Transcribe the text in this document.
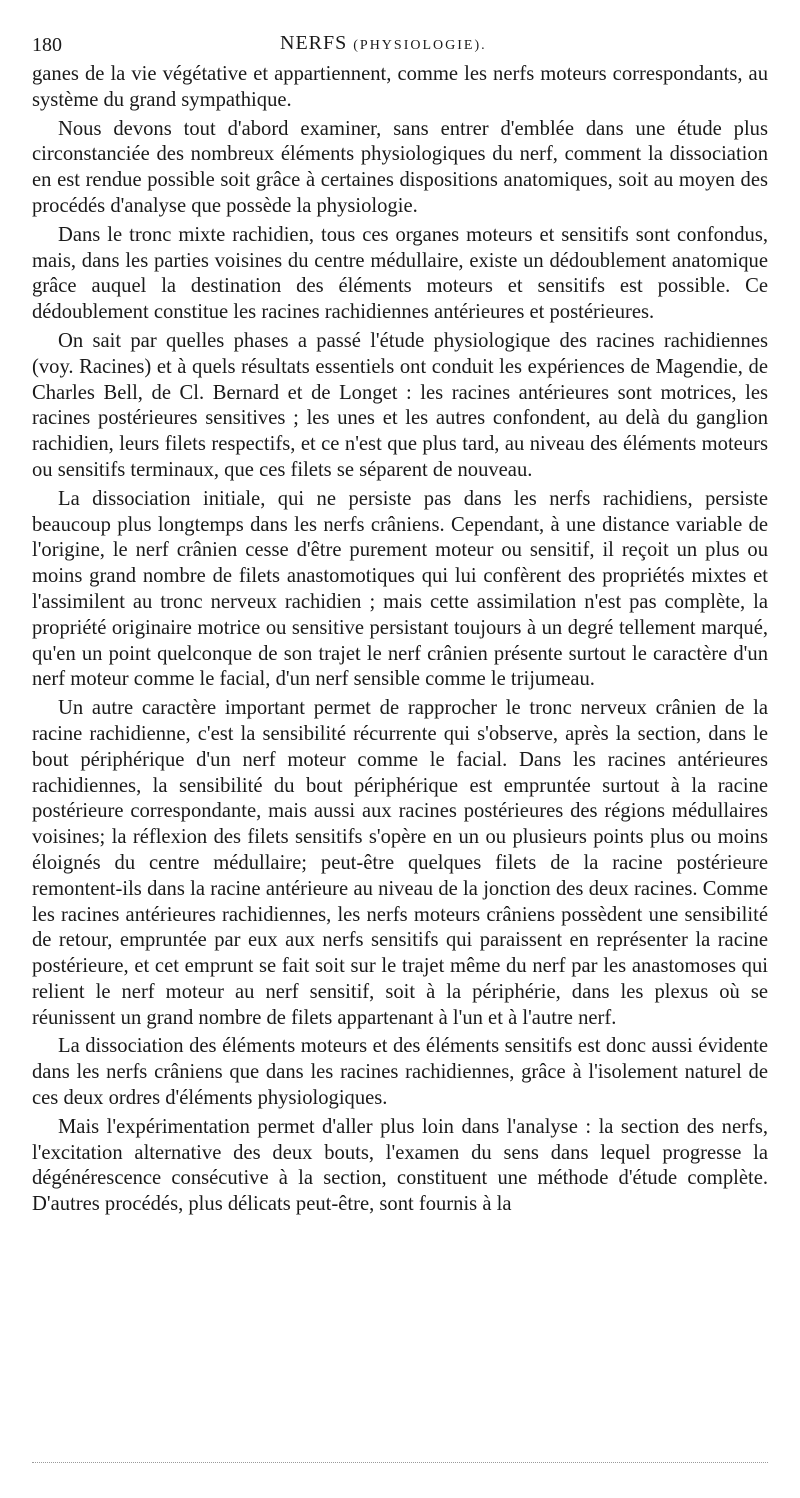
180	NERFS (PHYSIOLOGIE).

ganes de la vie végétative et appartiennent, comme les nerfs moteurs correspondants, au système du grand sympathique.

Nous devons tout d'abord examiner, sans entrer d'emblée dans une étude plus circonstanciée des nombreux éléments physiologiques du nerf, comment la dissociation en est rendue possible soit grâce à certaines dispositions anatomiques, soit au moyen des procédés d'analyse que possède la physiologie.

Dans le tronc mixte rachidien, tous ces organes moteurs et sensitifs sont confondus, mais, dans les parties voisines du centre médullaire, existe un dédoublement anatomique grâce auquel la destination des éléments moteurs et sensitifs est possible. Ce dédoublement constitue les racines rachidiennes antérieures et postérieures.

On sait par quelles phases a passé l'étude physiologique des racines rachidiennes (voy. Racines) et à quels résultats essentiels ont conduit les expériences de Magendie, de Charles Bell, de Cl. Bernard et de Longet : les racines antérieures sont motrices, les racines postérieures sensitives ; les unes et les autres confondent, au delà du ganglion rachidien, leurs filets respectifs, et ce n'est que plus tard, au niveau des éléments moteurs ou sensitifs terminaux, que ces filets se séparent de nouveau.

La dissociation initiale, qui ne persiste pas dans les nerfs rachidiens, persiste beaucoup plus longtemps dans les nerfs crâniens. Cependant, à une distance variable de l'origine, le nerf crânien cesse d'être purement moteur ou sensitif, il reçoit un plus ou moins grand nombre de filets anastomotiques qui lui confèrent des propriétés mixtes et l'assimilent au tronc nerveux rachidien ; mais cette assimilation n'est pas complète, la propriété originaire motrice ou sensitive persistant toujours à un degré tellement marqué, qu'en un point quelconque de son trajet le nerf crânien présente surtout le caractère d'un nerf moteur comme le facial, d'un nerf sensible comme le trijumeau.

Un autre caractère important permet de rapprocher le tronc nerveux crânien de la racine rachidienne, c'est la sensibilité récurrente qui s'observe, après la section, dans le bout périphérique d'un nerf moteur comme le facial. Dans les racines antérieures rachidiennes, la sensibilité du bout périphérique est empruntée surtout à la racine postérieure correspondante, mais aussi aux racines postérieures des régions médullaires voisines; la réflexion des filets sensitifs s'opère en un ou plusieurs points plus ou moins éloignés du centre médullaire; peut-être quelques filets de la racine postérieure remontent-ils dans la racine antérieure au niveau de la jonction des deux racines. Comme les racines antérieures rachidiennes, les nerfs moteurs crâniens possèdent une sensibilité de retour, empruntée par eux aux nerfs sensitifs qui paraissent en représenter la racine postérieure, et cet emprunt se fait soit sur le trajet même du nerf par les anastomoses qui relient le nerf moteur au nerf sensitif, soit à la périphérie, dans les plexus où se réunissent un grand nombre de filets appartenant à l'un et à l'autre nerf.

La dissociation des éléments moteurs et des éléments sensitifs est donc aussi évidente dans les nerfs crâniens que dans les racines rachidiennes, grâce à l'isolement naturel de ces deux ordres d'éléments physiologiques.

Mais l'expérimentation permet d'aller plus loin dans l'analyse : la section des nerfs, l'excitation alternative des deux bouts, l'examen du sens dans lequel progresse la dégénérescence consécutive à la section, constituent une méthode d'étude complète. D'autres procédés, plus délicats peut-être, sont fournis à la
